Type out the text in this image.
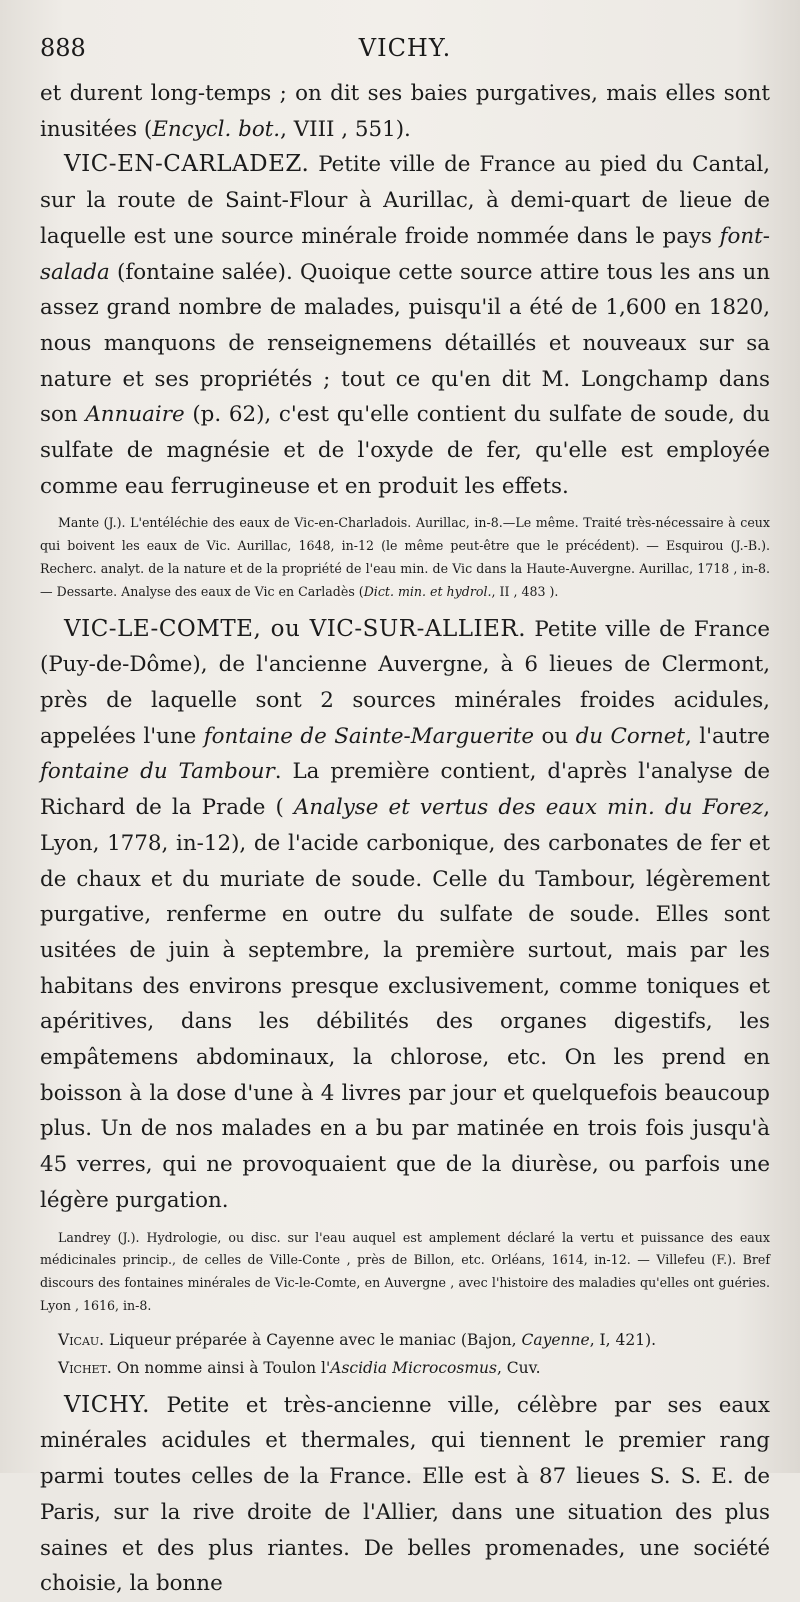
888	VICHY.

et durent long-temps ; on dit ses baies purgatives, mais elles sont inusitées (Encycl. bot., VIII , 551).

VIC-EN-CARLADEZ. Petite ville de France au pied du Cantal, sur la route de Saint-Flour à Aurillac, à demi-quart de lieue de laquelle est une source minérale froide nommée dans le pays font-salada (fontaine salée). Quoique cette source attire tous les ans un assez grand nombre de malades, puisqu'il a été de 1,600 en 1820, nous manquons de renseignemens détaillés et nouveaux sur sa nature et ses propriétés ; tout ce qu'en dit M. Longchamp dans son Annuaire (p. 62), c'est qu'elle contient du sulfate de soude, du sulfate de magnésie et de l'oxyde de fer, qu'elle est employée comme eau ferrugineuse et en produit les effets.

Mante (J.). L'entéléchie des eaux de Vic-en-Charladois. Aurillac, in-8.—Le même. Traité très-nécessaire à ceux qui boivent les eaux de Vic. Aurillac, 1648, in-12 (le même peut-être que le précédent). — Esquirou (J.-B.). Recherc. analyt. de la nature et de la propriété de l'eau min. de Vic dans la Haute-Auvergne. Aurillac, 1718 , in-8. — Dessarte. Analyse des eaux de Vic en Carladès (Dict. min. et hydrol., II , 483 ).

VIC-LE-COMTE, ou VIC-SUR-ALLIER. Petite ville de France (Puy-de-Dôme), de l'ancienne Auvergne, à 6 lieues de Clermont, près de laquelle sont 2 sources minérales froides acidules, appelées l'une fontaine de Sainte-Marguerite ou du Cornet, l'autre fontaine du Tambour. La première contient, d'après l'analyse de Richard de la Prade ( Analyse et vertus des eaux min. du Forez, Lyon, 1778, in-12), de l'acide carbonique, des carbonates de fer et de chaux et du muriate de soude. Celle du Tambour, légèrement purgative, renferme en outre du sulfate de soude. Elles sont usitées de juin à septembre, la première surtout, mais par les habitans des environs presque exclusivement, comme toniques et apéritives, dans les débilités des organes digestifs, les empâtemens abdominaux, la chlorose, etc. On les prend en boisson à la dose d'une à 4 livres par jour et quelquefois beaucoup plus. Un de nos malades en a bu par matinée en trois fois jusqu'à 45 verres, qui ne provoquaient que de la diurèse, ou parfois une légère purgation.

Landrey (J.). Hydrologie, ou disc. sur l'eau auquel est amplement déclaré la vertu et puissance des eaux médicinales princip., de celles de Ville-Conte , près de Billon, etc. Orléans, 1614, in-12. — Villefeu (F.). Bref discours des fontaines minérales de Vic-le-Comte, en Auvergne , avec l'histoire des maladies qu'elles ont guéries. Lyon , 1616, in-8.

Vicau. Liqueur préparée à Cayenne avec le maniac (Bajon, Cayenne, I, 421).

Vichet. On nomme ainsi à Toulon l'Ascidia Microcosmus, Cuv.

VICHY. Petite et très-ancienne ville, célèbre par ses eaux minérales acidules et thermales, qui tiennent le premier rang parmi toutes celles de la France. Elle est à 87 lieues S. S. E. de Paris, sur la rive droite de l'Allier, dans une situation des plus saines et des plus riantes. De belles promenades, une société choisie, la bonne
